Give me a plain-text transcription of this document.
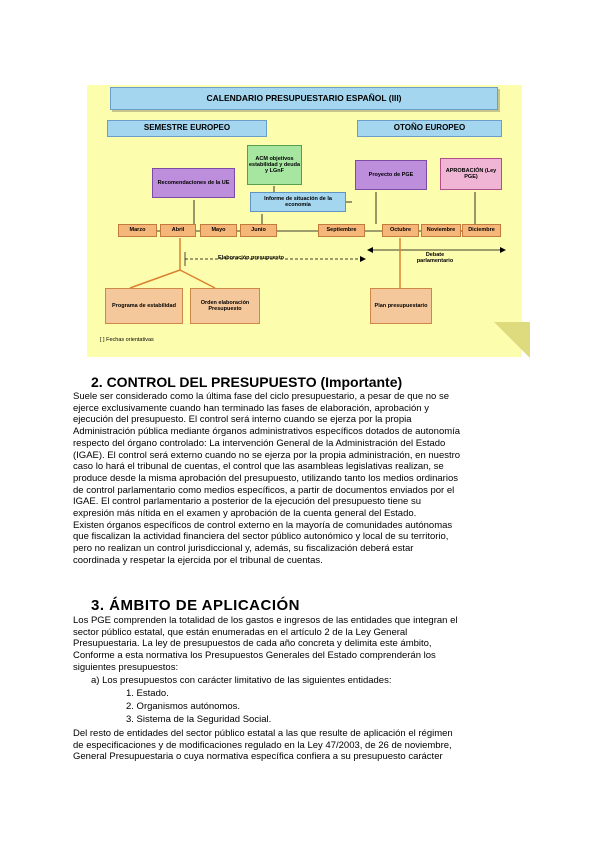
CALENDARIO PRESUPUESTARIO ESPAÑOL (III)
SEMESTRE EUROPEO	OTOÑO EUROPEO
ACM objetivos estabilidad y deuda y LGnF
Recomendaciones de la UE
Informe de situación de la economía
Proyecto de PGE
APROBACIÓN (Ley PGE)
Marzo	Abril	Mayo	Junio	Septiembre	Octubre	Noviembre	Diciembre
Elaboración presupuesto	Debate parlamentario
Programa de estabilidad
Orden elaboración Presupuesto
Plan presupuestario
[ ] Fechas orientativas
2. CONTROL DEL PRESUPUESTO (Importante)
Suele ser considerado como la última fase del ciclo presupuestario, a pesar de que no se
ejerce exclusivamente cuando han terminado las fases de elaboración, aprobación y
ejecución del presupuesto. El control será interno cuando se ejerza por la propia
Administración pública mediante órganos administrativos específicos dotados de autonomía
respecto del órgano controlado: La intervención General de la Administración del Estado
(IGAE). El control será externo cuando no se ejerza por la propia administración, en nuestro
caso lo hará el tribunal de cuentas, el control que las asambleas legislativas realizan, se
produce desde la misma aprobación del presupuesto, utilizando tanto los medios ordinarios
de control parlamentario como medios específicos, a partir de documentos enviados por el
IGAE. El control parlamentario a posterior de la ejecución del presupuesto tiene su
expresión más nítida en el examen y aprobación de la cuenta general del Estado.
Existen órganos específicos de control externo en la mayoría de comunidades autónomas
que fiscalizan la actividad financiera del sector público autonómico y local de su territorio,
pero no realizan un control jurisdiccional y, además, su fiscalización deberá estar
coordinada y respetar la ejercida por el tribunal de cuentas.
3. ÁMBITO DE APLICACIÓN
Los PGE comprenden la totalidad de los gastos e ingresos de las entidades que integran el
sector público estatal, que están enumeradas en el artículo 2 de la Ley General
Presupuestaria. La ley de presupuestos de cada año concreta y delimita este ámbito,
Conforme a esta normativa los Presupuestos Generales del Estado comprenderán los
siguientes presupuestos:
a) Los presupuestos con carácter limitativo de las siguientes entidades:
1. Estado.
2. Organismos autónomos.
3. Sistema de la Seguridad Social.
Del resto de entidades del sector público estatal a las que resulte de aplicación el régimen
de especificaciones y de modificaciones regulado en la Ley 47/2003, de 26 de noviembre,
General Presupuestaria o cuya normativa específica confiera a su presupuesto carácter
